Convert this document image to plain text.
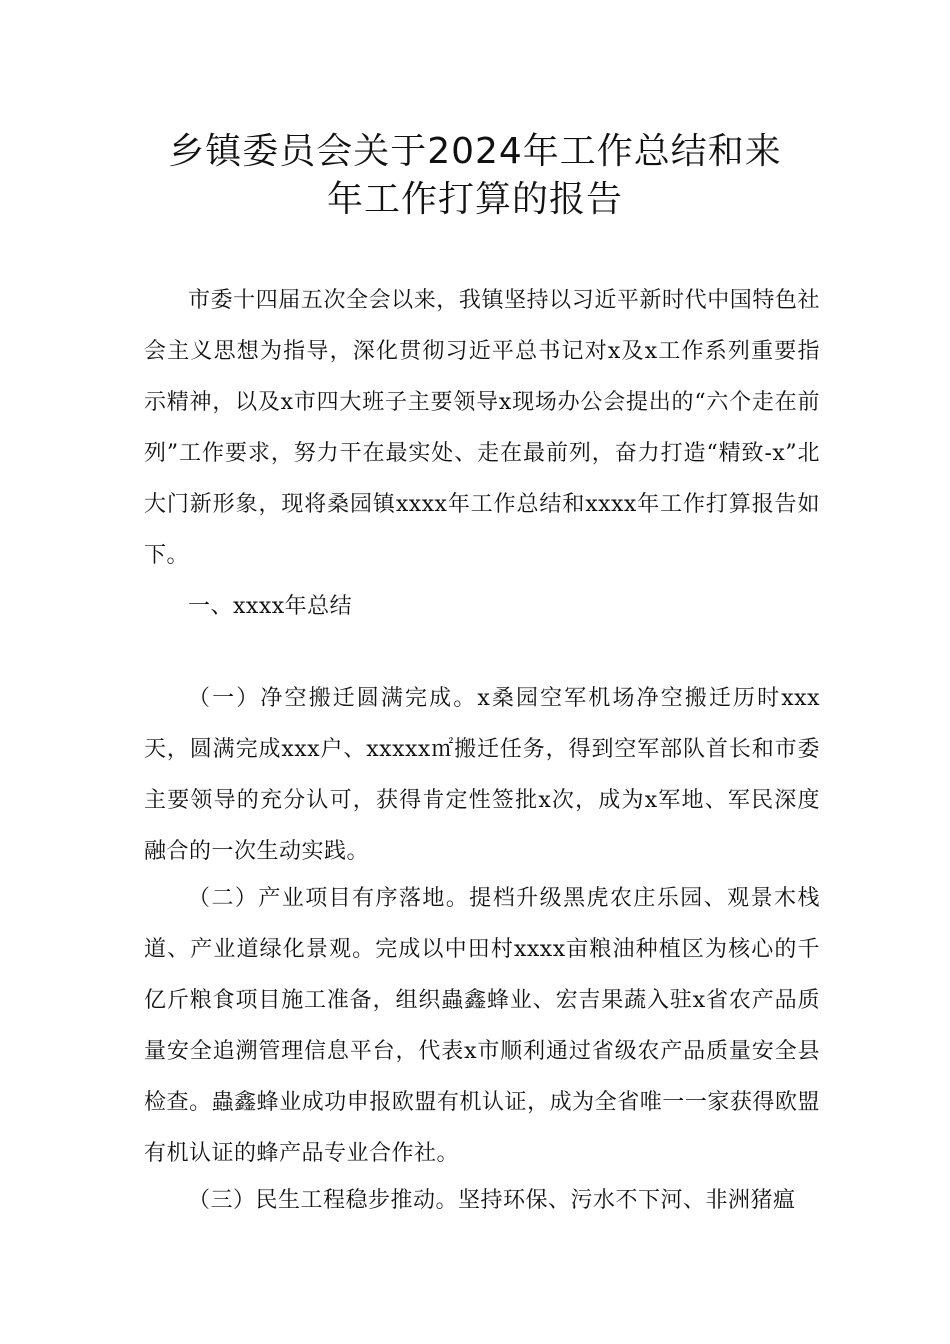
乡镇委员会关于2024年工作总结和来
年工作打算的报告

市委十四届五次全会以来，我镇坚持以习近平新时代中国特色社会主义思想为指导，深化贯彻习近平总书记对x及x工作系列重要指示精神，以及x市四大班子主要领导x现场办公会提出的“六个走在前列”工作要求，努力干在最实处、走在最前列，奋力打造“精致-x”北大门新形象，现将桑园镇xxxx年工作总结和xxxx年工作打算报告如下。

一、xxxx年总结

（一）净空搬迁圆满完成。x桑园空军机场净空搬迁历时xxx天，圆满完成xxx户、xxxxx㎡搬迁任务，得到空军部队首长和市委主要领导的充分认可，获得肯定性签批x次，成为x军地、军民深度融合的一次生动实践。

（二）产业项目有序落地。提档升级黑虎农庄乐园、观景木栈道、产业道绿化景观。完成以中田村xxxx亩粮油种植区为核心的千亿斤粮食项目施工准备，组织蟲鑫蜂业、宏吉果蔬入驻x省农产品质量安全追溯管理信息平台，代表x市顺利通过省级农产品质量安全县检查。蟲鑫蜂业成功申报欧盟有机认证，成为全省唯一一家获得欧盟有机认证的蜂产品专业合作社。

（三）民生工程稳步推动。坚持环保、污水不下河、非洲猪瘟
